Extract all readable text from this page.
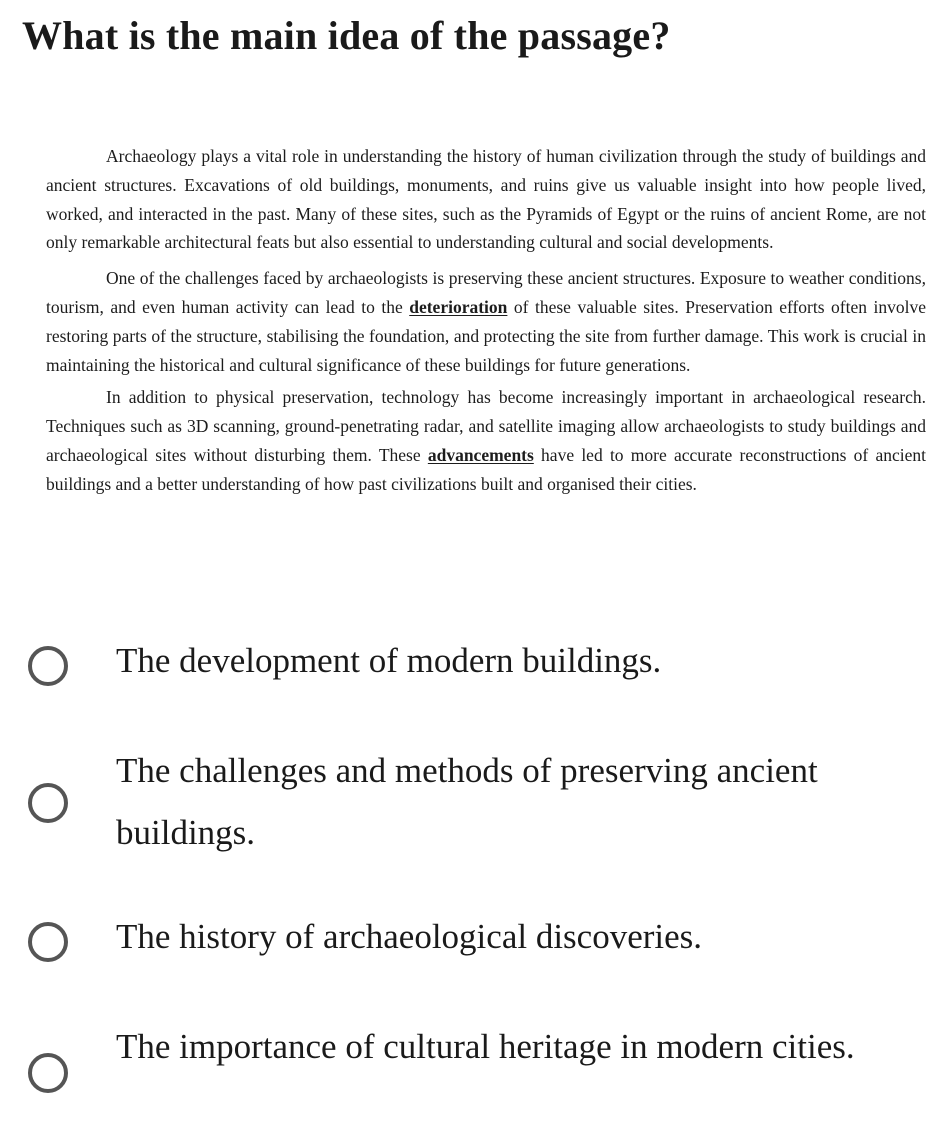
What is the main idea of the passage?

Archaeology plays a vital role in understanding the history of human civilization through the study of buildings and ancient structures. Excavations of old buildings, monuments, and ruins give us valuable insight into how people lived, worked, and interacted in the past. Many of these sites, such as the Pyramids of Egypt or the ruins of ancient Rome, are not only remarkable architectural feats but also essential to understanding cultural and social developments.

One of the challenges faced by archaeologists is preserving these ancient structures. Exposure to weather conditions, tourism, and even human activity can lead to the deterioration of these valuable sites. Preservation efforts often involve restoring parts of the structure, stabilising the foundation, and protecting the site from further damage. This work is crucial in maintaining the historical and cultural significance of these buildings for future generations.

In addition to physical preservation, technology has become increasingly important in archaeological research. Techniques such as 3D scanning, ground-penetrating radar, and satellite imaging allow archaeologists to study buildings and archaeological sites without disturbing them. These advancements have led to more accurate reconstructions of ancient buildings and a better understanding of how past civilizations built and organised their cities.

The development of modern buildings.
The challenges and methods of preserving ancient buildings.
The history of archaeological discoveries.
The importance of cultural heritage in modern cities.
